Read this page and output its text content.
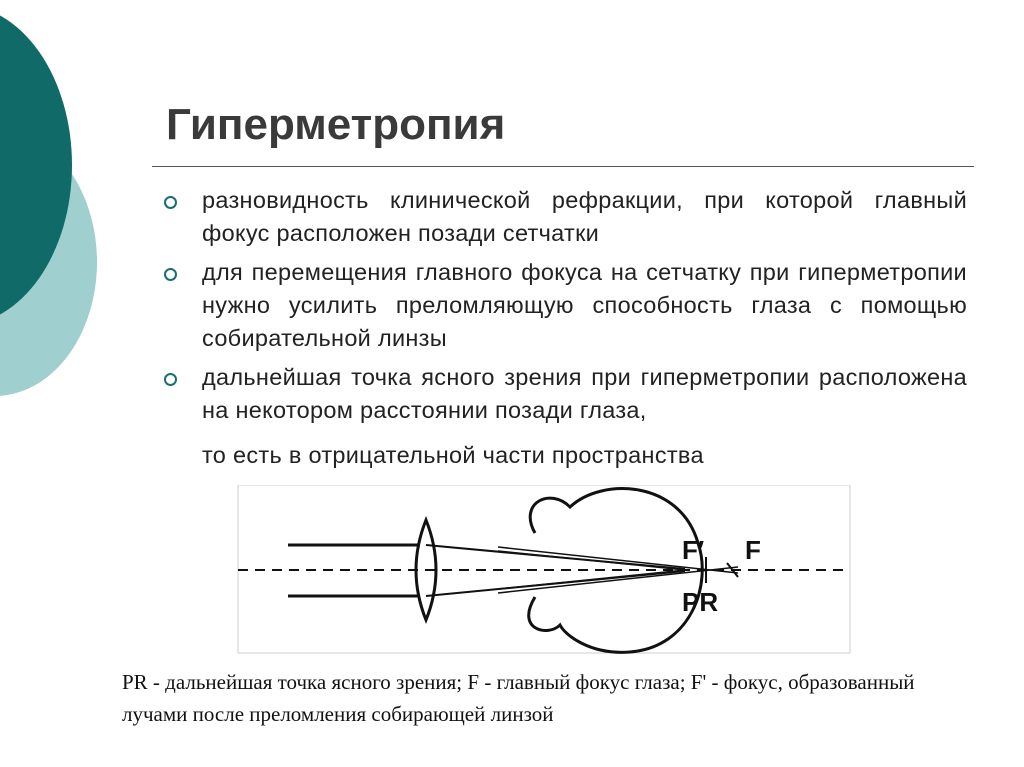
Гиперметропия
разновидность клинической рефракции, при которой главный фокус расположен позади сетчатки
для перемещения главного фокуса на сетчатку при гиперметропии нужно усилить преломляющую способность глаза с помощью собирательной линзы
дальнейшая точка ясного зрения при гиперметропии расположена на некотором расстоянии позади глаза,
то есть в отрицательной части пространства
F′ F
PR
PR - дальнейшая точка ясного зрения; F - главный фокус глаза; F' - фокус, образованный лучами после преломления собирающей линзой
